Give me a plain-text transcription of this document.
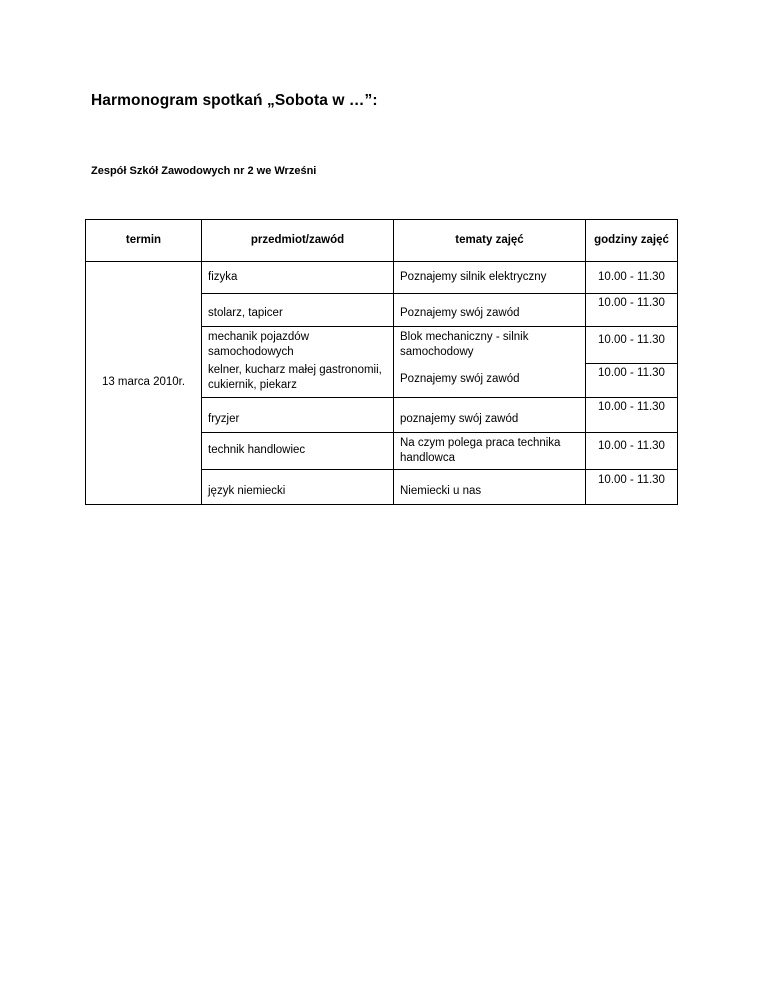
Harmonogram spotkań „Sobota w …”:

Zespół Szkół Zawodowych nr 2 we Wrześni

termin	przedmiot/zawód	tematy zajęć	godziny zajęć
13 marca 2010r.	fizyka	Poznajemy silnik elektryczny	10.00 - 11.30
	stolarz, tapicer	Poznajemy swój zawód	10.00 - 11.30
	mechanik pojazdów samochodowych	Blok mechaniczny - silnik samochodowy	10.00 - 11.30
	kelner, kucharz małej gastronomii, cukiernik, piekarz	Poznajemy swój zawód	10.00 - 11.30
	fryzjer	poznajemy swój zawód	10.00 - 11.30
	technik handlowiec	Na czym polega praca technika handlowca	10.00 - 11.30
	język niemiecki	Niemiecki u nas	10.00 - 11.30
